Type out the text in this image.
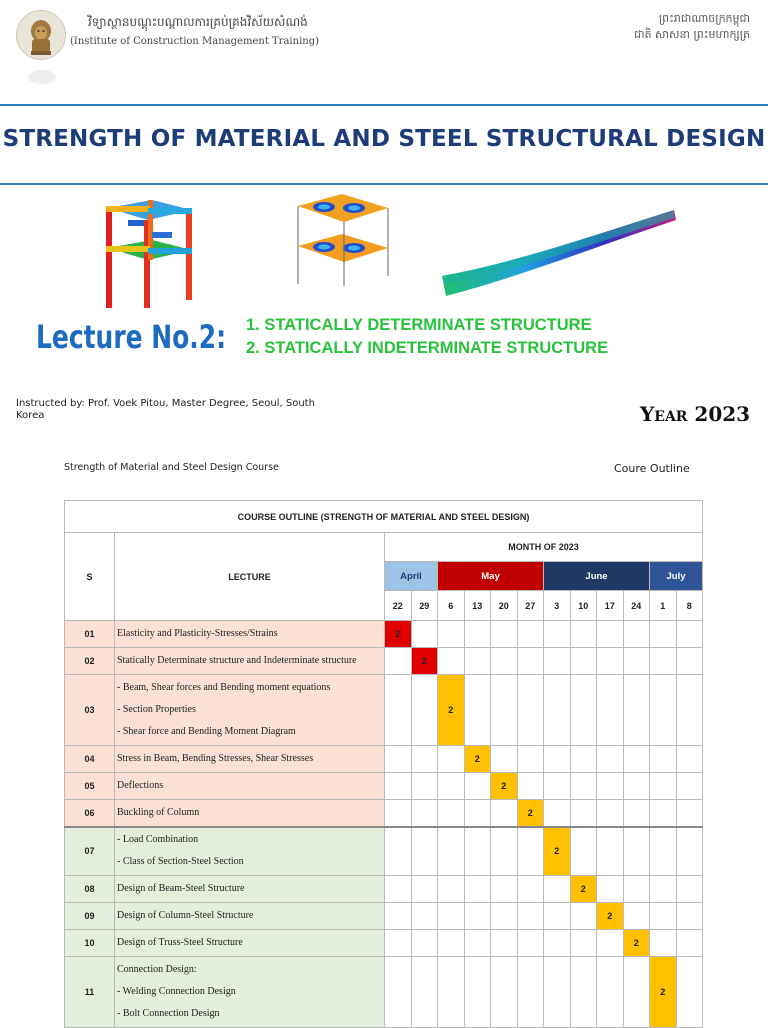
វិទ្យាស្ថានបណ្តុះបណ្តាលការគ្រប់គ្រងវិស័យសំណង់
(Institute of Construction Management Training)
ព្រះរាជាណាចក្រកម្ពុជា
ជាតិ សាសនា ព្រះមហាក្សត្រ
STRENGTH OF MATERIAL AND STEEL STRUCTURAL DESIGN
Lecture No.2: 1. STATICALLY DETERMINATE STRUCTURE
2. STATICALLY INDETERMINATE STRUCTURE
Instructed by: Prof. Voek Pitou, Master Degree, Seoul, South Korea	Year 2023
Strength of Material and Steel Design Course	Coure Outline
COURSE OUTLINE (STRENGTH OF MATERIAL AND STEEL DESIGN)													
S	LECTURE	MONTH OF 2023											
		April		May				June				July	
		22	29	6	13	20	27	3	10	17	24	1	8
01	Elasticity and Plasticity-Stresses/Strains	2											
02	Statically Determinate structure and Indeterminate structure		2										
03	- Beam, Shear forces and Bending moment equations
- Section Properties
- Shear force and Bending Moment Diagram			2									
04	Stress in Beam, Bending Stresses, Shear Stresses				2								
05	Deflections					2							
06	Buckling of Column						2						
07	- Load Combination
- Class of Section-Steel Section							2					
08	Design of Beam-Steel Structure								2				
09	Design of Column-Steel Structure									2			
10	Design of Truss-Steel Structure										2		
11	Connection Design:
- Welding Connection Design
- Bolt Connection Design											2	
